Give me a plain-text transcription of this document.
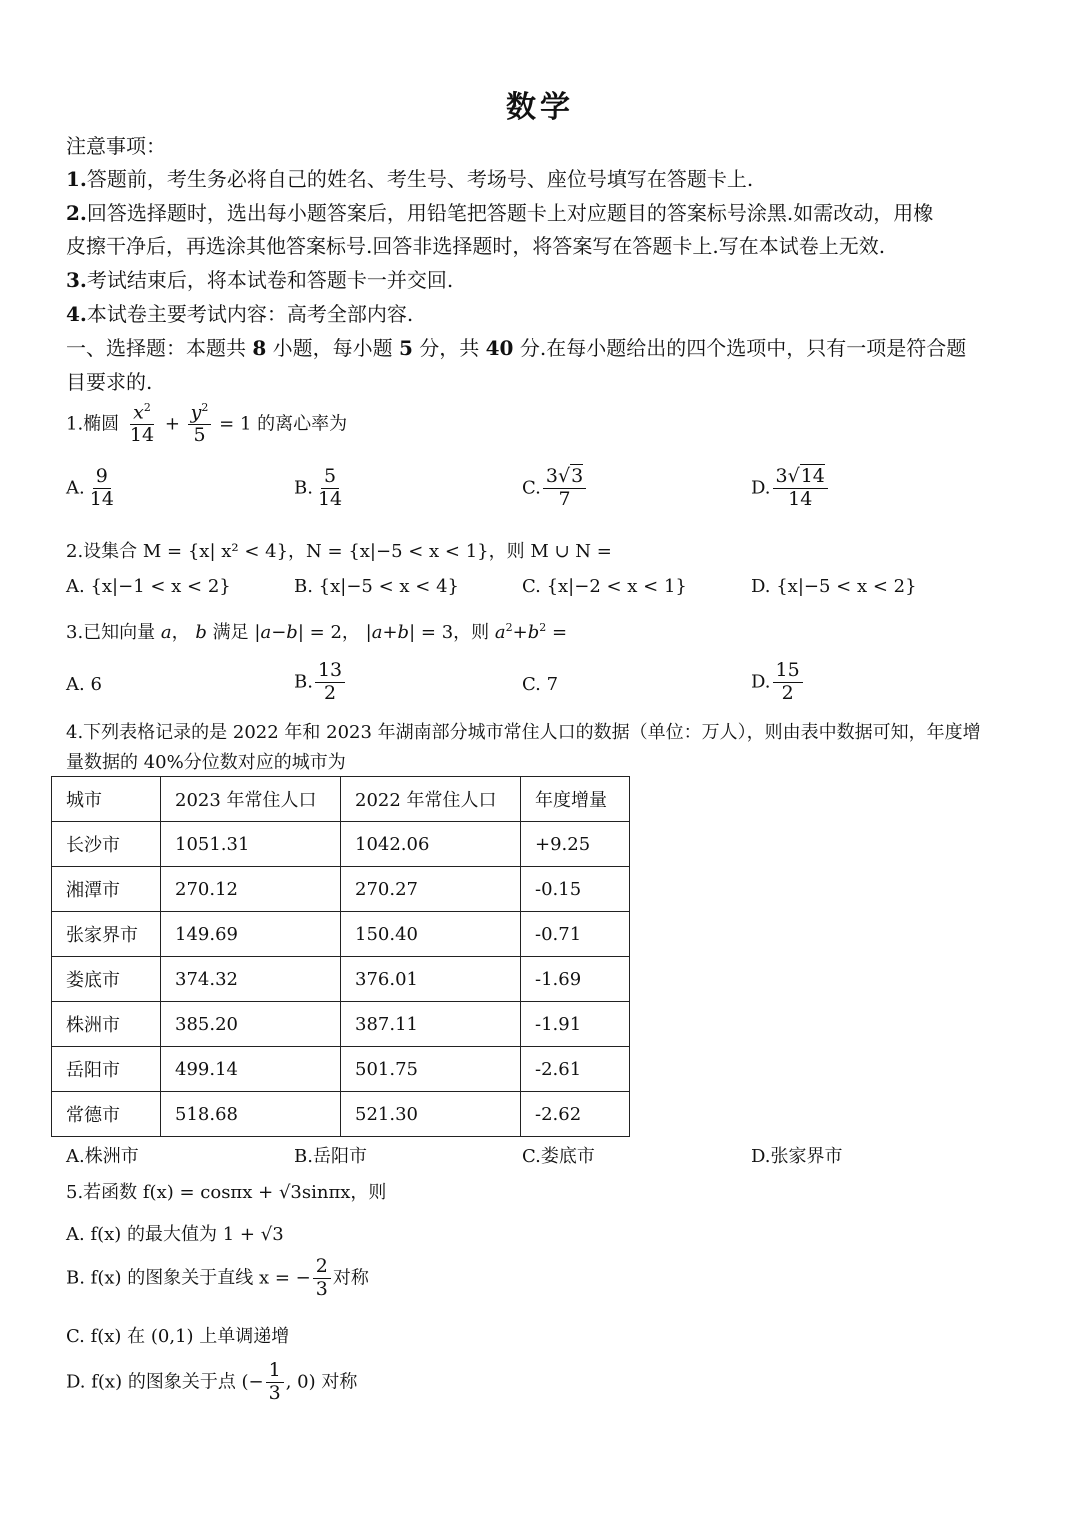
数学
注意事项：
1.答题前，考生务必将自己的姓名、考生号、考场号、座位号填写在答题卡上.
2.回答选择题时，选出每小题答案后，用铅笔把答题卡上对应题目的答案标号涂黑.如需改动，用橡
皮擦干净后，再选涂其他答案标号.回答非选择题时，将答案写在答题卡上.写在本试卷上无效.
3.考试结束后，将本试卷和答题卡一并交回.
4.本试卷主要考试内容：高考全部内容.
一、选择题：本题共 8 小题，每小题 5 分，共 40 分.在每小题给出的四个选项中，只有一项是符合题
目要求的.
1.椭圆 $\frac{x^2}{14} + \frac{y^2}{5} = 1$ 的离心率为
A. $\frac{9}{14}$	B. $\frac{5}{14}$	C. $\frac{3√3}{7}$	D. $\frac{3√14}{14}$
2.设集合 M = {x| x² < 4}，N = {x|−5 < x < 1}，则 M ∪ N =
A. {x|−1 < x < 2}	B. {x|−5 < x < 4}	C. {x|−2 < x < 1}	D. {x|−5 < x < 2}
3.已知向量 a， b 满足 |a−b| = 2， |a+b| = 3，则 $a^2+b^2$ =
A. 6	B. $\frac{13}{2}$	C. 7	D. $\frac{15}{2}$
4.下列表格记录的是 2022 年和 2023 年湖南部分城市常住人口的数据（单位：万人），则由表中数据可知，年度增
量数据的 40%分位数对应的城市为
城市	2023 年常住人口	2022 年常住人口	年度增量
长沙市	1051.31	1042.06	+9.25
湘潭市	270.12	270.27	-0.15
张家界市	149.69	150.40	-0.71
娄底市	374.32	376.01	-1.69
株洲市	385.20	387.11	-1.91
岳阳市	499.14	501.75	-2.61
常德市	518.68	521.30	-2.62
A.株洲市	B.岳阳市	C.娄底市	D.张家界市
5.若函数 f(x) = cosπx + √3sinπx，则
A. f(x) 的最大值为 1 + √3
B. f(x) 的图象关于直线 x = − $\frac{2}{3}$ 对称
C. f(x) 在 (0,1) 上单调递增
D. f(x) 的图象关于点 (− $\frac{1}{3}$ , 0) 对称
